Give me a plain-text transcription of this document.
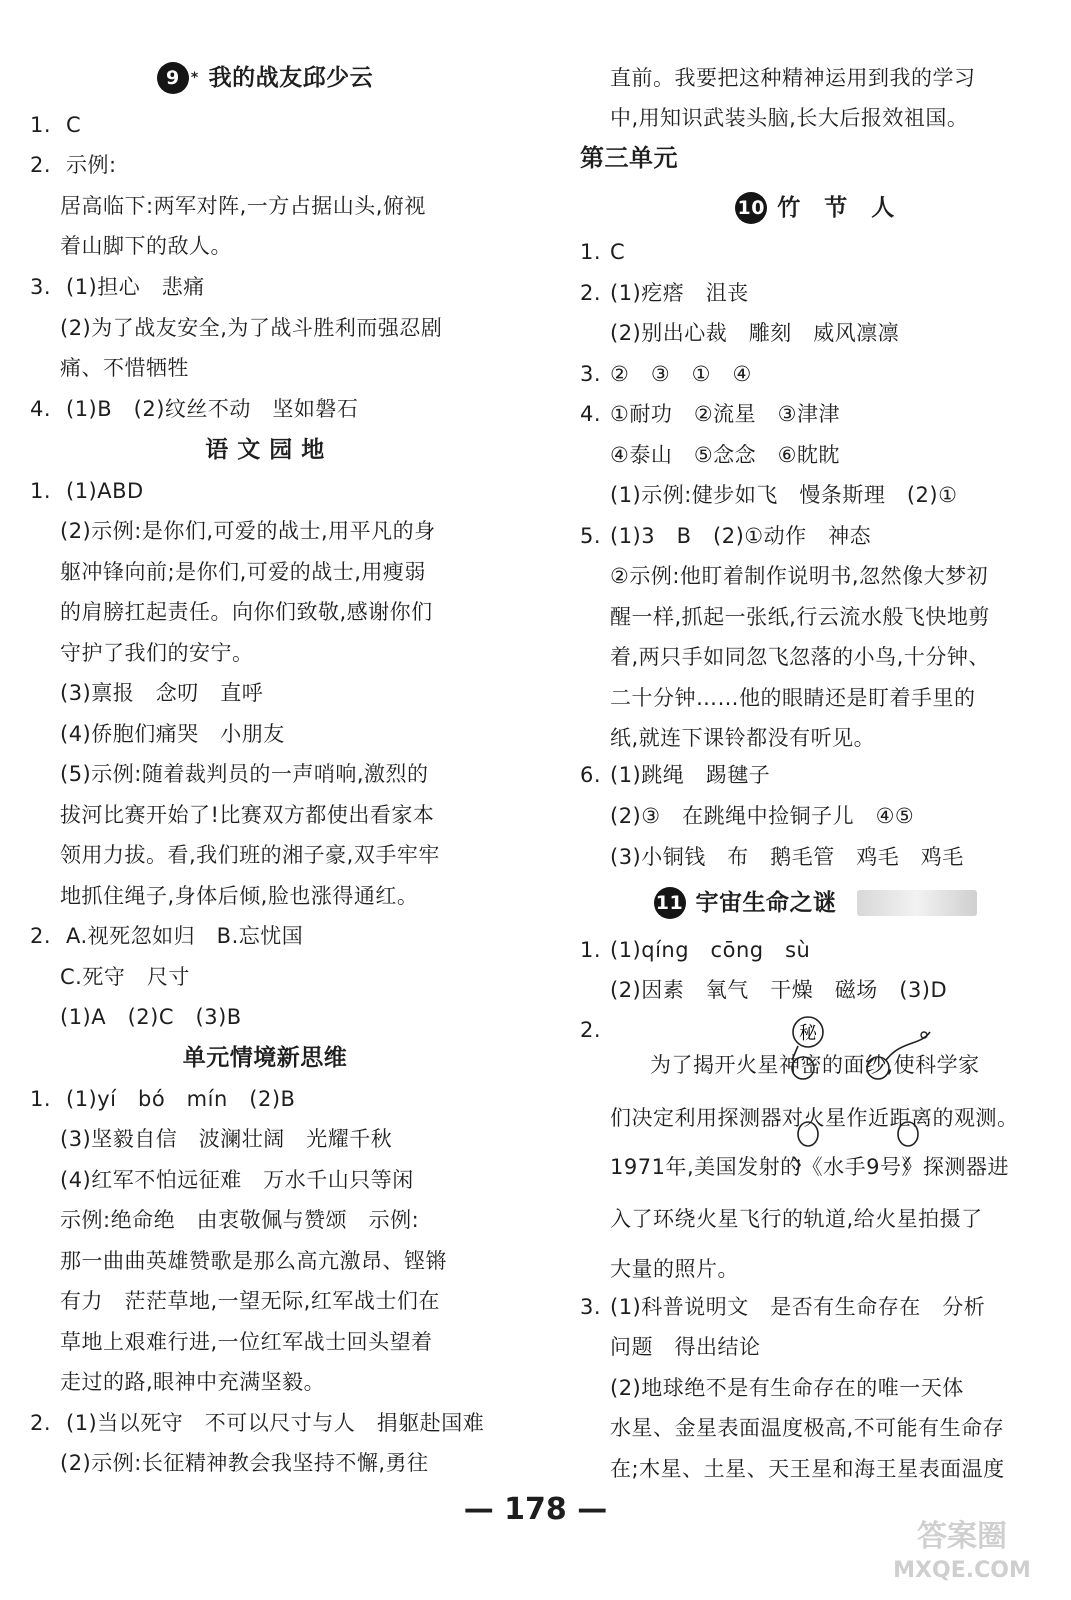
9 * 我的战友邱少云
1. C
2. 示例:
居高临下:两军对阵,一方占据山头,俯视
着山脚下的敌人。
3. (1)担心　悲痛
(2)为了战友安全,为了战斗胜利而强忍剧
痛、不惜牺牲
4. (1)B　(2)纹丝不动　坚如磐石
语 文 园 地
1. (1)ABD
(2)示例:是你们,可爱的战士,用平凡的身
躯冲锋向前;是你们,可爱的战士,用瘦弱
的肩膀扛起责任。向你们致敬,感谢你们
守护了我们的安宁。
(3)禀报　念叨　直呼
(4)侨胞们痛哭　小朋友
(5)示例:随着裁判员的一声哨响,激烈的
拔河比赛开始了!比赛双方都使出看家本
领用力拔。看,我们班的湘子豪,双手牢牢
地抓住绳子,身体后倾,脸也涨得通红。
2. A.视死忽如归　B.忘忧国
C.死守　尺寸
(1)A　(2)C　(3)B
单元情境新思维
1. (1)yí　bó　mín　(2)B
(3)坚毅自信　波澜壮阔　光耀千秋
(4)红军不怕远征难　万水千山只等闲
示例:绝命绝　由衷敬佩与赞颂　示例:
那一曲曲英雄赞歌是那么高亢激昂、铿锵
有力　茫茫草地,一望无际,红军战士们在
草地上艰难行进,一位红军战士回头望着
走过的路,眼神中充满坚毅。
2. (1)当以死守　不可以尺寸与人　捐躯赴国难
(2)示例:长征精神教会我坚持不懈,勇往
直前。我要把这种精神运用到我的学习
中,用知识武装头脑,长大后报效祖国。
第三单元
10 竹　节　人
1. C
2. (1)疙瘩　沮丧
(2)别出心裁　雕刻　威风凛凛
3. ②　③　①　④
4. ①耐功　②流星　③津津
④泰山　⑤念念　⑥眈眈
(1)示例:健步如飞　慢条斯理　(2)①
5. (1)3　B　(2)①动作　神态
②示例:他盯着制作说明书,忽然像大梦初
醒一样,抓起一张纸,行云流水般飞快地剪
着,两只手如同忽飞忽落的小鸟,十分钟、
二十分钟……他的眼睛还是盯着手里的
纸,就连下课铃都没有听见。
6. (1)跳绳　踢毽子
(2)③　在跳绳中捡铜子儿　④⑤
(3)小铜钱　布　鹅毛管　鸡毛　鸡毛
11 宇宙生命之谜
1. (1)qíng　cōng　sù
(2)因素　氧气　干燥　磁场　(3)D
2.
为了揭开火星神密的面纱,使科学家
们决定利用探测器对火星作近距离的观测。
1971年,美国发射的《水手9号》探测器进
入了环绕火星飞行的轨道,给火星拍摄了
大量的照片。
3. (1)科普说明文　是否有生命存在　分析
问题　得出结论
(2)地球绝不是有生命存在的唯一天体
水星、金星表面温度极高,不可能有生命存
在;木星、土星、天王星和海王星表面温度
秘
— 178 —
答案圈
MXQE.COM
